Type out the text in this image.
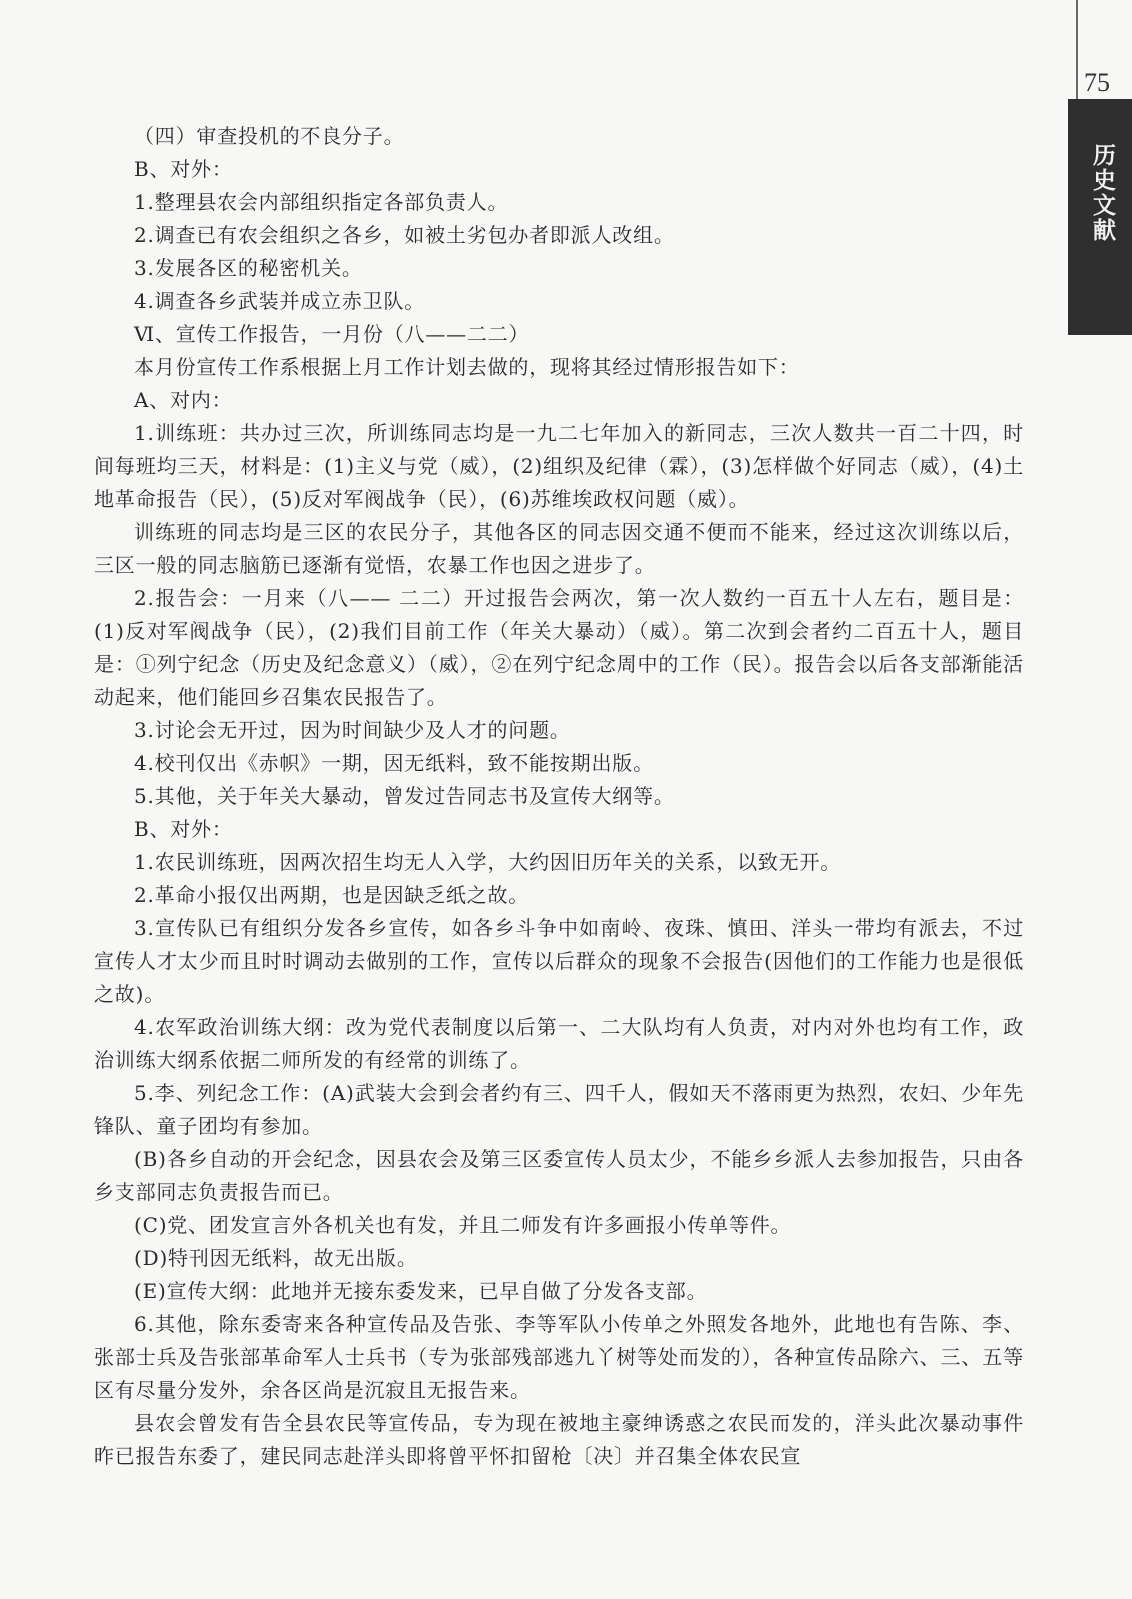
75
历史文献

（四）审查投机的不良分子。

B、对外：

1.整理县农会内部组织指定各部负责人。

2.调查已有农会组织之各乡，如被土劣包办者即派人改组。

3.发展各区的秘密机关。

4.调查各乡武装并成立赤卫队。

Ⅵ、宣传工作报告，一月份（八——二二）

本月份宣传工作系根据上月工作计划去做的，现将其经过情形报告如下：

A、对内：

1.训练班：共办过三次，所训练同志均是一九二七年加入的新同志，三次人数共一百二十四，时间每班均三天，材料是：(1)主义与党（威），(2)组织及纪律（霖），(3)怎样做个好同志（威），(4)土地革命报告（民），(5)反对军阀战争（民），(6)苏维埃政权问题（威）。

训练班的同志均是三区的农民分子，其他各区的同志因交通不便而不能来，经过这次训练以后，三区一般的同志脑筋已逐渐有觉悟，农暴工作也因之进步了。

2.报告会：一月来（八—— 二二）开过报告会两次，第一次人数约一百五十人左右，题目是：(1)反对军阀战争（民），(2)我们目前工作（年关大暴动）（威）。第二次到会者约二百五十人，题目是：①列宁纪念（历史及纪念意义）（威），②在列宁纪念周中的工作（民）。报告会以后各支部渐能活动起来，他们能回乡召集农民报告了。

3.讨论会无开过，因为时间缺少及人才的问题。

4.校刊仅出《赤帜》一期，因无纸料，致不能按期出版。

5.其他，关于年关大暴动，曾发过告同志书及宣传大纲等。

B、对外：

1.农民训练班，因两次招生均无人入学，大约因旧历年关的关系，以致无开。

2.革命小报仅出两期，也是因缺乏纸之故。

3.宣传队已有组织分发各乡宣传，如各乡斗争中如南岭、夜珠、慎田、洋头一带均有派去，不过宣传人才太少而且时时调动去做别的工作，宣传以后群众的现象不会报告(因他们的工作能力也是很低之故)。

4.农军政治训练大纲：改为党代表制度以后第一、二大队均有人负责，对内对外也均有工作，政治训练大纲系依据二师所发的有经常的训练了。

5.李、列纪念工作：(A)武装大会到会者约有三、四千人，假如天不落雨更为热烈，农妇、少年先锋队、童子团均有参加。

(B)各乡自动的开会纪念，因县农会及第三区委宣传人员太少，不能乡乡派人去参加报告，只由各乡支部同志负责报告而已。

(C)党、团发宣言外各机关也有发，并且二师发有许多画报小传单等件。

(D)特刊因无纸料，故无出版。

(E)宣传大纲：此地并无接东委发来，已早自做了分发各支部。

6.其他，除东委寄来各种宣传品及告张、李等军队小传单之外照发各地外，此地也有告陈、李、张部士兵及告张部革命军人士兵书（专为张部残部逃九丫树等处而发的），各种宣传品除六、三、五等区有尽量分发外，余各区尚是沉寂且无报告来。

县农会曾发有告全县农民等宣传品，专为现在被地主豪绅诱惑之农民而发的，洋头此次暴动事件昨已报告东委了，建民同志赴洋头即将曾平怀扣留枪〔决〕并召集全体农民宣
